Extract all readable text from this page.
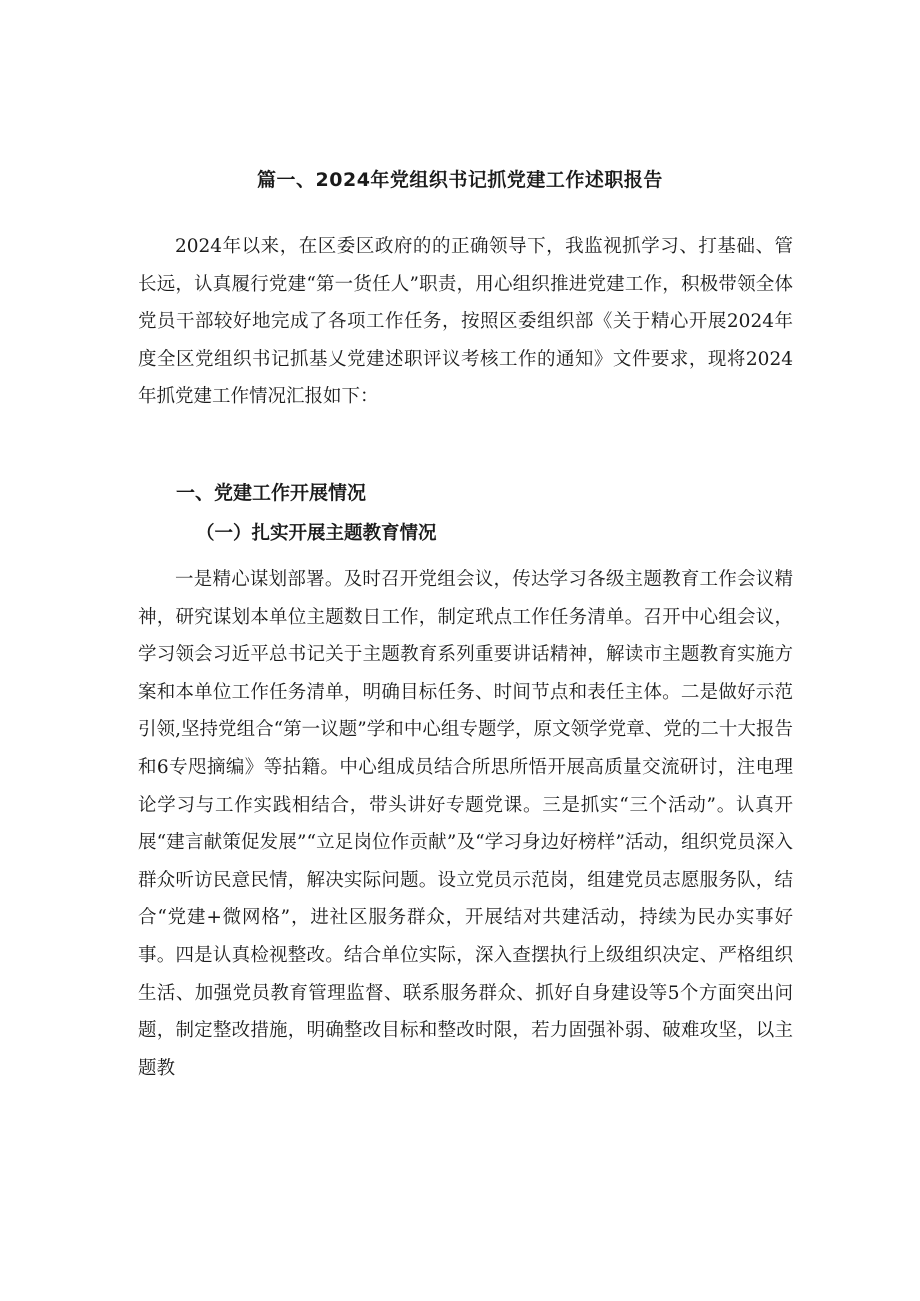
篇一、2024年党组织书记抓党建工作述职报告

2024年以来，在区委区政府的的正确领导下，我监视抓学习、打基础、管长远，认真履行党建“第一货任人”职责，用心组织推进党建工作，积极带领全体党员干部较好地完成了各项工作任务，按照区委组织部《关于精心开展2024年度全区党组织书记抓基乂党建述职评议考核工作的通知》文件要求，现将2024年抓党建工作情况汇报如下：

一、党建工作开展情况
（一）扎实开展主题教育情况

一是精心谋划部署。及时召开党组会议，传达学习各级主题教育工作会议精神，研究谋划本单位主题数日工作，制定玳点工作任务清单。召开中心组会议，学习领会习近平总书记关于主题教育系列重要讲话精神，解读市主题教育实施方案和本单位工作任务清单，明确目标任务、时间节点和表任主体。二是做好示范引领,坚持党组合“第一议题”学和中心组专题学，原文领学党章、党的二十大报告和6专咫摘编》等拈籍。中心组成员结合所思所悟开展高质量交流研讨，注电理论学习与工作实践相结合，带头讲好专题党课。三是抓实“三个活动”。认真开展“建言献策促发展”“立足岗位作贡献”及“学习身边好榜样”活动，组织党员深入群众听访民意民情，解决实际问题。设立党员示范岗，组建党员志愿服务队，结合“党建+微网格”，进社区服务群众，开展结对共建活动，持续为民办实事好事。四是认真检视整改。结合单位实际，深入查摆执行上级组织决定、严格组织生活、加强党员教育管理监督、联系服务群众、抓好自身建设等5个方面突出问题，制定整改措施，明确整改目标和整改时限，若力固强补弱、破难攻坚，以主题教
